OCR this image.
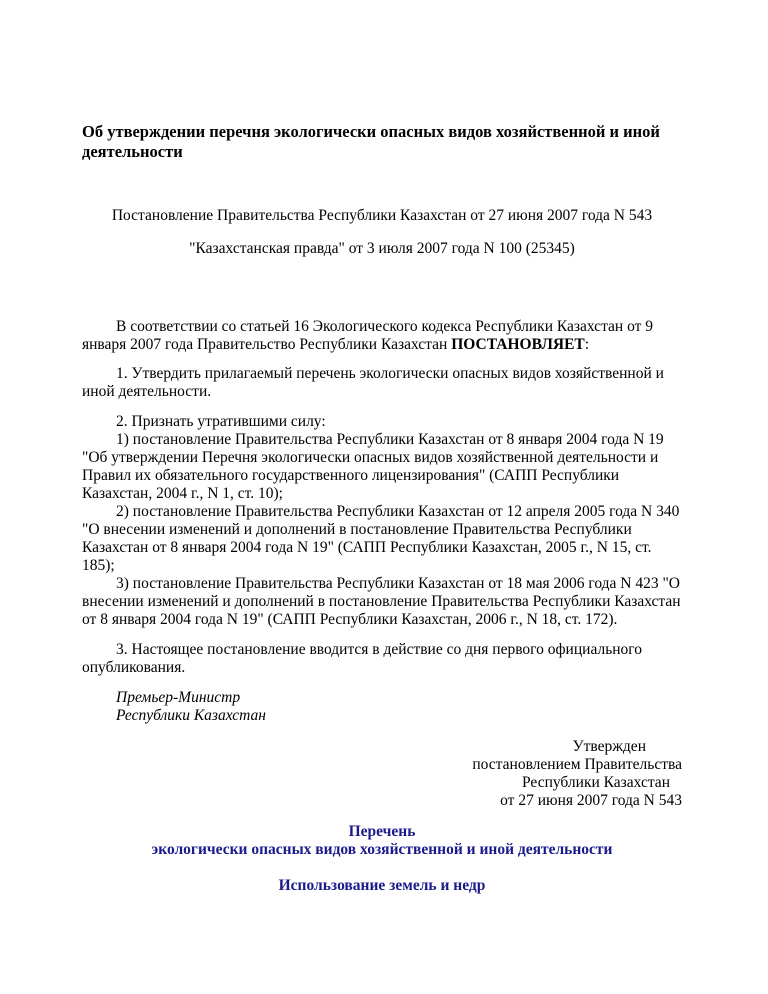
Об утверждении перечня экологически опасных видов хозяйственной и иной деятельности

Постановление Правительства Республики Казахстан от 27 июня 2007 года N 543

"Казахстанская правда" от 3 июля 2007 года N 100 (25345)

В соответствии со статьей 16 Экологического кодекса Республики Казахстан от 9 января 2007 года Правительство Республики Казахстан ПОСТАНОВЛЯЕТ:

1. Утвердить прилагаемый перечень экологически опасных видов хозяйственной и иной деятельности.

2. Признать утратившими силу:
1) постановление Правительства Республики Казахстан от 8 января 2004 года N 19 "Об утверждении Перечня экологически опасных видов хозяйственной деятельности и Правил их обязательного государственного лицензирования" (САПП Республики Казахстан, 2004 г., N 1, ст. 10);
2) постановление Правительства Республики Казахстан от 12 апреля 2005 года N 340 "О внесении изменений и дополнений в постановление Правительства Республики Казахстан от 8 января 2004 года N 19" (САПП Республики Казахстан, 2005 г., N 15, ст. 185);
3) постановление Правительства Республики Казахстан от 18 мая 2006 года N 423 "О внесении изменений и дополнений в постановление Правительства Республики Казахстан от 8 января 2004 года N 19" (САПП Республики Казахстан, 2006 г., N 18, ст. 172).

3. Настоящее постановление вводится в действие со дня первого официального опубликования.

Премьер-Министр
Республики Казахстан
Утвержден
постановлением Правительства
Республики Казахстан
от 27 июня 2007 года N 543
Перечень
экологически опасных видов хозяйственной и иной деятельности
Использование земель и недр
